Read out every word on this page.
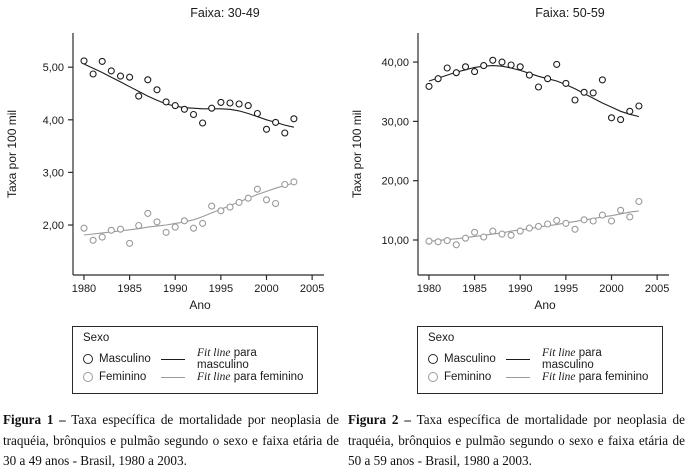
Faixa: 30-49
Taxa por 100 mil
Ano
2,00
3,00
4,00
5,00
1980 1985 1990 1995 2000 2005
Sexo
Masculino	Fit line para masculino
Feminino	Fit line para feminino

Figura 1 – Taxa específica de mortalidade por neoplasia de traquéia, brônquios e pulmão segundo o sexo e faixa etária de 30 a 49 anos - Brasil, 1980 a 2003.

Faixa: 50-59
Taxa por 100 mil
Ano
10,00
20,00
30,00
40,00
1980 1985 1990 1995 2000 2005
Sexo
Masculino	Fit line para masculino
Feminino	Fit line para feminino

Figura 2 – Taxa específica de mortalidade por neoplasia de traquéia, brônquios e pulmão segundo o sexo e faixa etária de 50 a 59 anos - Brasil, 1980 a 2003.
